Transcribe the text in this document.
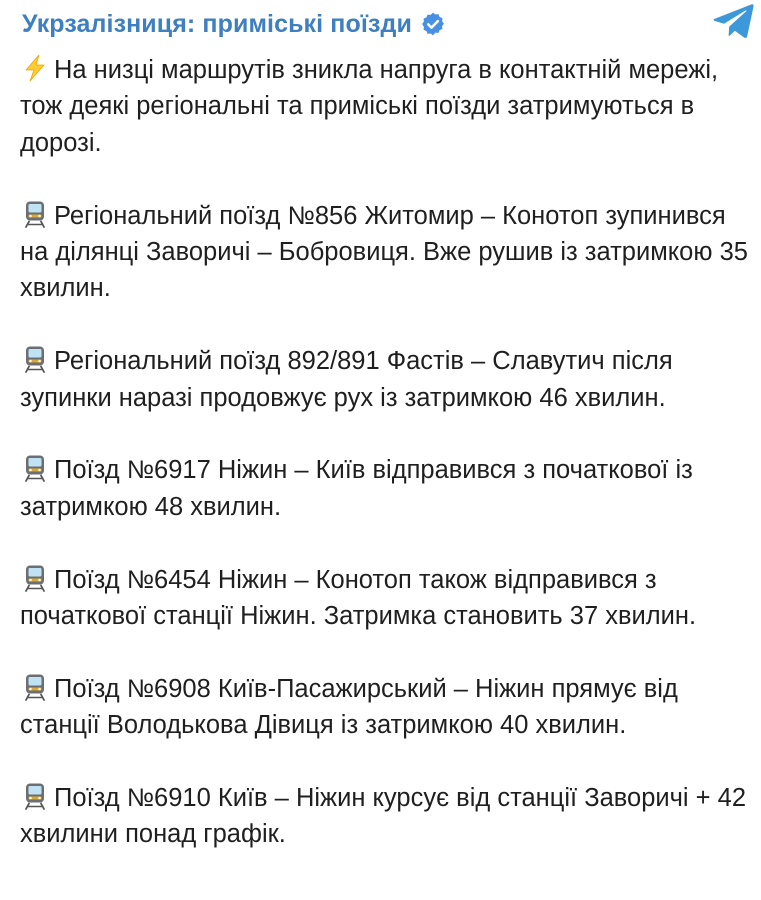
Укрзалізниця: приміські поїзди

На низці маршрутів зникла напруга в контактній мережі, тож деякі регіональні та приміські поїзди затримуються в дорозі.

Регіональний поїзд №856 Житомир – Конотоп зупинився на ділянці Заворичі – Бобровиця. Вже рушив із затримкою 35 хвилин.

Регіональний поїзд 892/891 Фастів – Славутич після зупинки наразі продовжує рух із затримкою 46 хвилин.

Поїзд №6917 Ніжин – Київ відправився з початкової із затримкою 48 хвилин.

Поїзд №6454 Ніжин – Конотоп також відправився з початкової станції Ніжин. Затримка становить 37 хвилин.

Поїзд №6908 Київ-Пасажирський – Ніжин прямує від станції Володькова Дівиця із затримкою 40 хвилин.

Поїзд №6910 Київ – Ніжин курсує від станції Заворичі + 42 хвилини понад графік.
